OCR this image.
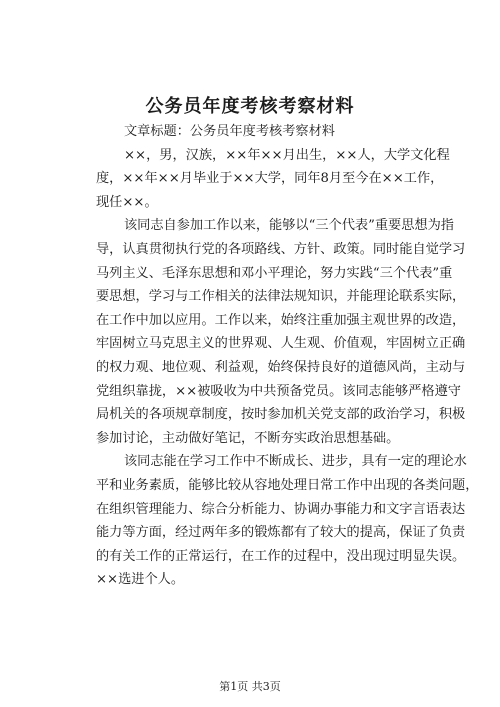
公务员年度考核考察材料
文章标题：公务员年度考核考察材料
××，男，汉族，××年××月出生，××人，大学文化程
度，××年××月毕业于××大学，同年8月至今在××工作，
现任××。
该同志自参加工作以来，能够以“三个代表”重要思想为指
导，认真贯彻执行党的各项路线、方针、政策。同时能自觉学习
马列主义、毛泽东思想和邓小平理论，努力实践“三个代表”重
要思想，学习与工作相关的法律法规知识，并能理论联系实际，
在工作中加以应用。工作以来，始终注重加强主观世界的改造，
牢固树立马克思主义的世界观、人生观、价值观，牢固树立正确
的权力观、地位观、利益观，始终保持良好的道德风尚，主动与
党组织靠拢，××被吸收为中共预备党员。该同志能够严格遵守
局机关的各项规章制度，按时参加机关党支部的政治学习，积极
参加讨论，主动做好笔记，不断夯实政治思想基础。
该同志能在学习工作中不断成长、进步，具有一定的理论水
平和业务素质，能够比较从容地处理日常工作中出现的各类问题，
在组织管理能力、综合分析能力、协调办事能力和文字言语表达
能力等方面，经过两年多的锻炼都有了较大的提高，保证了负责
的有关工作的正常运行，在工作的过程中，没出现过明显失误。
××选进个人。
第1页 共3页
